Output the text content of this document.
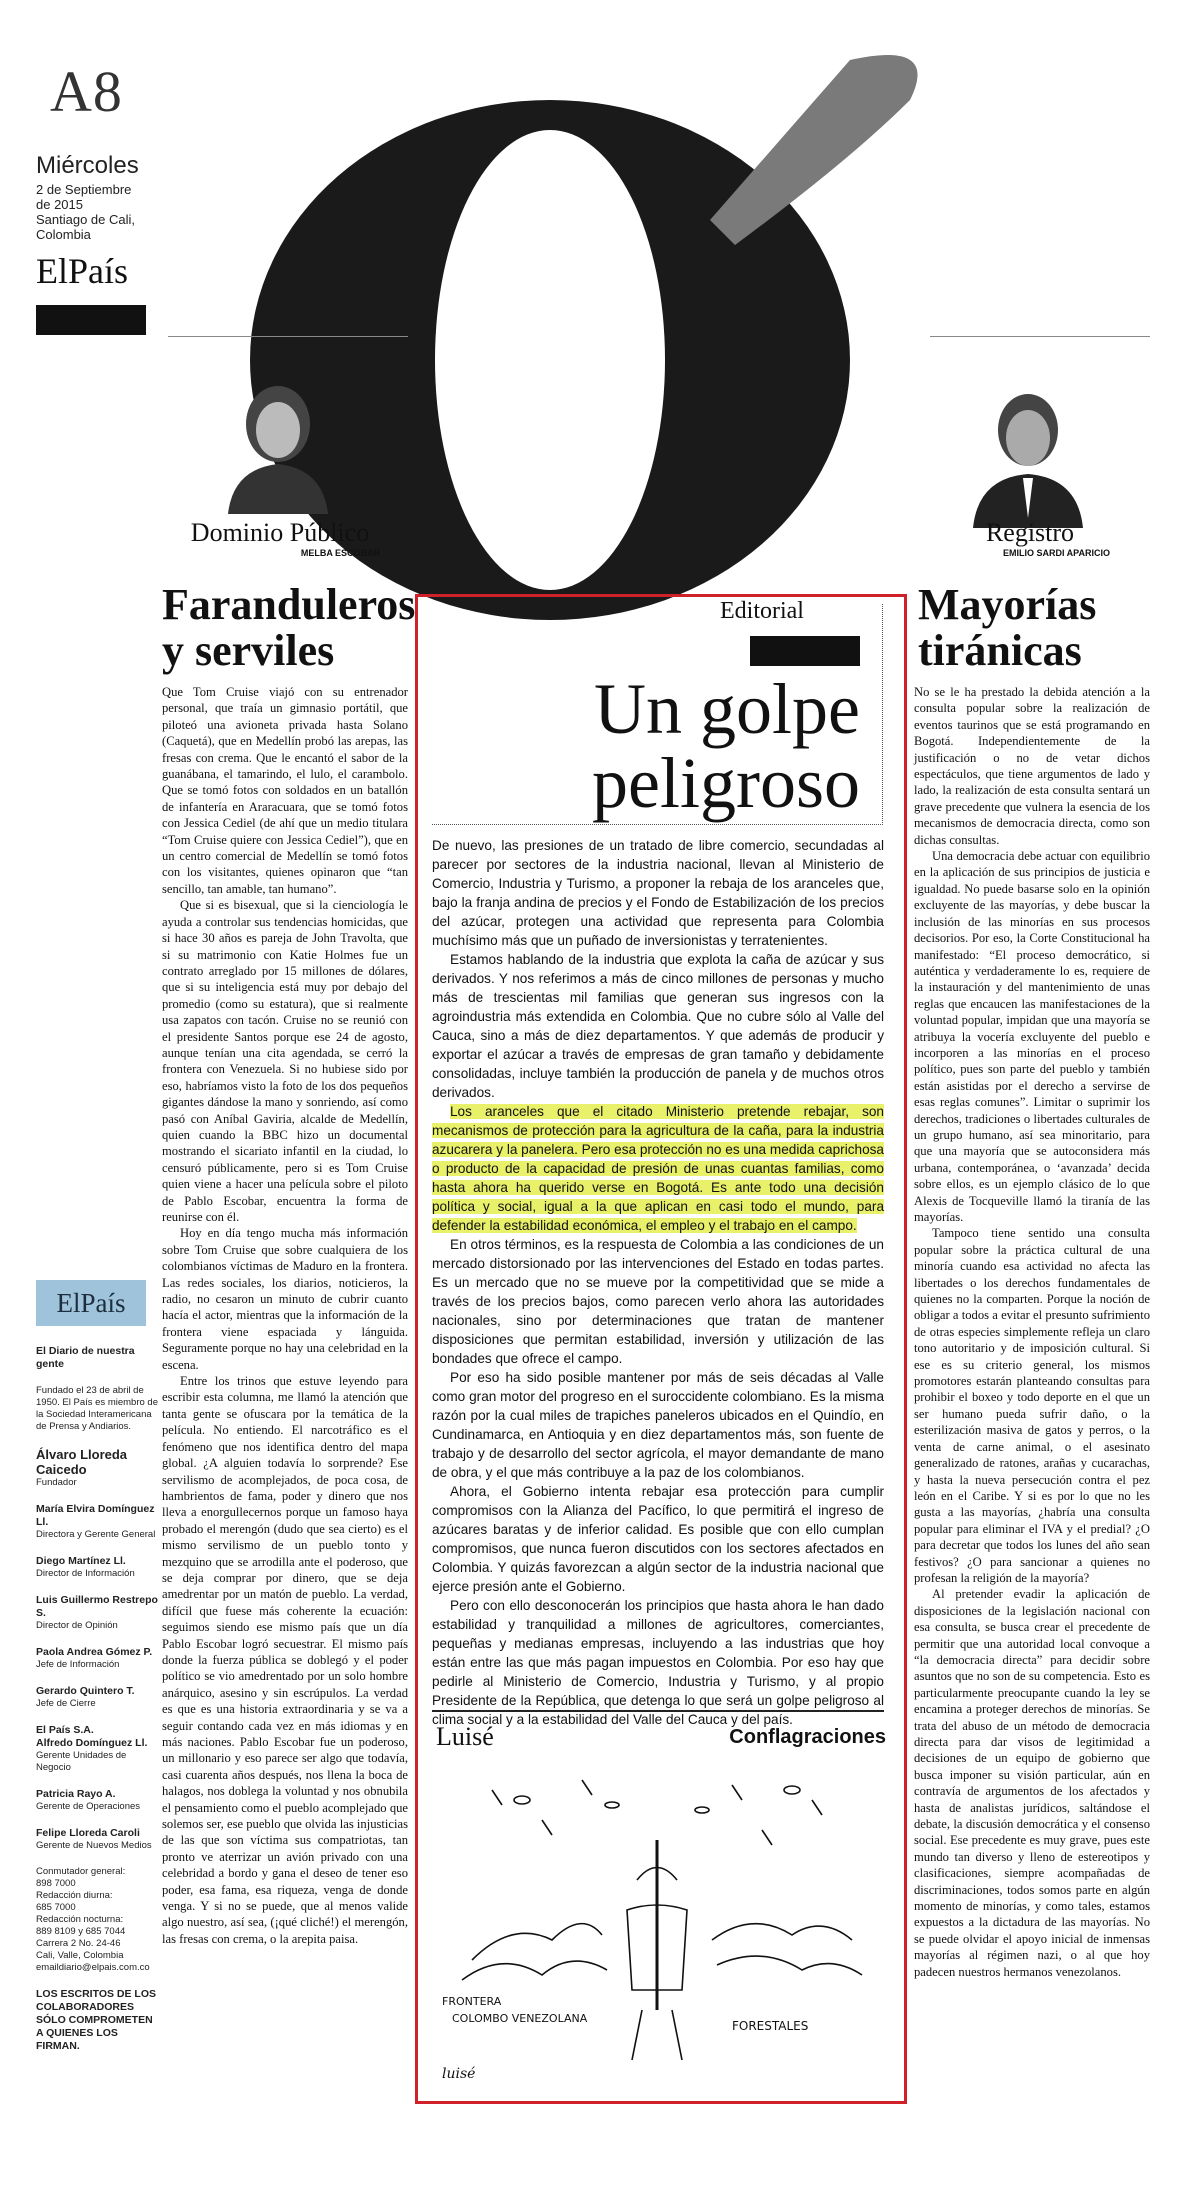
A8
Miércoles
2 de Septiembre
de 2015
Santiago de Cali,
Colombia
ElPaís
Dominio Público
MELBA ESCOBAR
Registro
EMILIO SARDI APARICIO
Faranduleros
y serviles

Que Tom Cruise viajó con su entrenador personal, que traía un gimnasio portátil, que piloteó una avioneta privada hasta Solano (Caquetá), que en Medellín probó las arepas, las fresas con crema. Que le encantó el sabor de la guanábana, el tamarindo, el lulo, el carambolo. Que se tomó fotos con soldados en un batallón de infantería en Araracuara, que se tomó fotos con Jessica Cediel (de ahí que un medio titulara “Tom Cruise quiere con Jessica Cediel”), que en un centro comercial de Medellín se tomó fotos con los visitantes, quienes opinaron que “tan sencillo, tan amable, tan humano”.

Que si es bisexual, que si la cienciología le ayuda a controlar sus tendencias homicidas, que si hace 30 años es pareja de John Travolta, que si su matrimonio con Katie Holmes fue un contrato arreglado por 15 millones de dólares, que si su inteligencia está muy por debajo del promedio (como su estatura), que si realmente usa zapatos con tacón. Cruise no se reunió con el presidente Santos porque ese 24 de agosto, aunque tenían una cita agendada, se cerró la frontera con Venezuela. Si no hubiese sido por eso, habríamos visto la foto de los dos pequeños gigantes dándose la mano y sonriendo, así como pasó con Aníbal Gaviria, alcalde de Medellín, quien cuando la BBC hizo un documental mostrando el sicariato infantil en la ciudad, lo censuró públicamente, pero si es Tom Cruise quien viene a hacer una película sobre el piloto de Pablo Escobar, encuentra la forma de reunirse con él.

Hoy en día tengo mucha más información sobre Tom Cruise que sobre cualquiera de los colombianos víctimas de Maduro en la frontera. Las redes sociales, los diarios, noticieros, la radio, no cesaron un minuto de cubrir cuanto hacía el actor, mientras que la información de la frontera viene espaciada y lánguida. Seguramente porque no hay una celebridad en la escena.

Entre los trinos que estuve leyendo para escribir esta columna, me llamó la atención que tanta gente se ofuscara por la temática de la película. No entiendo. El narcotráfico es el fenómeno que nos identifica dentro del mapa global. ¿A alguien todavía lo sorprende? Ese servilismo de acomplejados, de poca cosa, de hambrientos de fama, poder y dinero que nos lleva a enorgullecernos porque un famoso haya probado el merengón (dudo que sea cierto) es el mismo servilismo de un pueblo tonto y mezquino que se arrodilla ante el poderoso, que se deja comprar por dinero, que se deja amedrentar por un matón de pueblo. La verdad, difícil que fuese más coherente la ecuación: seguimos siendo ese mismo país que un día Pablo Escobar logró secuestrar. El mismo país donde la fuerza pública se doblegó y el poder político se vio amedrentado por un solo hombre anárquico, asesino y sin escrúpulos. La verdad es que es una historia extraordinaria y se va a seguir contando cada vez en más idiomas y en más naciones. Pablo Escobar fue un poderoso, un millonario y eso parece ser algo que todavía, casi cuarenta años después, nos llena la boca de halagos, nos doblega la voluntad y nos obnubila el pensamiento como el pueblo acomplejado que solemos ser, ese pueblo que olvida las injusticias de las que son víctima sus compatriotas, tan pronto ve aterrizar un avión privado con una celebridad a bordo y gana el deseo de tener eso poder, esa fama, esa riqueza, venga de donde venga. Y si no se puede, que al menos valide algo nuestro, así sea, (¡qué cliché!) el merengón, las fresas con crema, o la arepita paisa.

Editorial
Un golpe
peligroso

De nuevo, las presiones de un tratado de libre comercio, secundadas al parecer por sectores de la industria nacional, llevan al Ministerio de Comercio, Industria y Turismo, a proponer la rebaja de los aranceles que, bajo la franja andina de precios y el Fondo de Estabilización de los precios del azúcar, protegen una actividad que representa para Colombia muchísimo más que un puñado de inversionistas y terratenientes.

Estamos hablando de la industria que explota la caña de azúcar y sus derivados. Y nos referimos a más de cinco millones de personas y mucho más de trescientas mil familias que generan sus ingresos con la agroindustria más extendida en Colombia. Que no cubre sólo al Valle del Cauca, sino a más de diez departamentos. Y que además de producir y exportar el azúcar a través de empresas de gran tamaño y debidamente consolidadas, incluye también la producción de panela y de muchos otros derivados.

Los aranceles que el citado Ministerio pretende rebajar, son mecanismos de protección para la agricultura de la caña, para la industria azucarera y la panelera. Pero esa protección no es una medida caprichosa o producto de la capacidad de presión de unas cuantas familias, como hasta ahora ha querido verse en Bogotá. Es ante todo una decisión política y social, igual a la que aplican en casi todo el mundo, para defender la estabilidad económica, el empleo y el trabajo en el campo.

En otros términos, es la respuesta de Colombia a las condiciones de un mercado distorsionado por las intervenciones del Estado en todas partes. Es un mercado que no se mueve por la competitividad que se mide a través de los precios bajos, como parecen verlo ahora las autoridades nacionales, sino por determinaciones que tratan de mantener disposiciones que permitan estabilidad, inversión y utilización de las bondades que ofrece el campo.

Por eso ha sido posible mantener por más de seis décadas al Valle como gran motor del progreso en el suroccidente colombiano. Es la misma razón por la cual miles de trapiches paneleros ubicados en el Quindío, en Cundinamarca, en Antioquia y en diez departamentos más, son fuente de trabajo y de desarrollo del sector agrícola, el mayor demandante de mano de obra, y el que más contribuye a la paz de los colombianos.

Ahora, el Gobierno intenta rebajar esa protección para cumplir compromisos con la Alianza del Pacífico, lo que permitirá el ingreso de azúcares baratas y de inferior calidad. Es posible que con ello cumplan compromisos, que nunca fueron discutidos con los sectores afectados en Colombia. Y quizás favorezcan a algún sector de la industria nacional que ejerce presión ante el Gobierno.

Pero con ello desconocerán los principios que hasta ahora le han dado estabilidad y tranquilidad a millones de agricultores, comerciantes, pequeñas y medianas empresas, incluyendo a las industrias que hoy están entre las que más pagan impuestos en Colombia. Por eso hay que pedirle al Ministerio de Comercio, Industria y Turismo, y al propio Presidente de la República, que detenga lo que será un golpe peligroso al clima social y a la estabilidad del Valle del Cauca y del país.

Luisé	Conflagraciones
FRONTERA
COLOMBO VENEZOLANA
FORESTALES
luisé
Mayorías
tiránicas

No se le ha prestado la debida atención a la consulta popular sobre la realización de eventos taurinos que se está programando en Bogotá. Independientemente de la justificación o no de vetar dichos espectáculos, que tiene argumentos de lado y lado, la realización de esta consulta sentará un grave precedente que vulnera la esencia de los mecanismos de democracia directa, como son dichas consultas.

Una democracia debe actuar con equilibrio en la aplicación de sus principios de justicia e igualdad. No puede basarse solo en la opinión excluyente de las mayorías, y debe buscar la inclusión de las minorías en sus procesos decisorios. Por eso, la Corte Constitucional ha manifestado: “El proceso democrático, si auténtica y verdaderamente lo es, requiere de la instauración y del mantenimiento de unas reglas que encaucen las manifestaciones de la voluntad popular, impidan que una mayoría se atribuya la vocería excluyente del pueblo e incorporen a las minorías en el proceso político, pues son parte del pueblo y también están asistidas por el derecho a servirse de esas reglas comunes”. Limitar o suprimir los derechos, tradiciones o libertades culturales de un grupo humano, así sea minoritario, para que una mayoría que se autoconsidera más urbana, contemporánea, o ‘avanzada’ decida sobre ellos, es un ejemplo clásico de lo que Alexis de Tocqueville llamó la tiranía de las mayorías.

Tampoco tiene sentido una consulta popular sobre la práctica cultural de una minoría cuando esa actividad no afecta las libertades o los derechos fundamentales de quienes no la comparten. Porque la noción de obligar a todos a evitar el presunto sufrimiento de otras especies simplemente refleja un claro tono autoritario y de imposición cultural. Si ese es su criterio general, los mismos promotores estarán planteando consultas para prohibir el boxeo y todo deporte en el que un ser humano pueda sufrir daño, o la esterilización masiva de gatos y perros, o la venta de carne animal, o el asesinato generalizado de ratones, arañas y cucarachas, y hasta la nueva persecución contra el pez león en el Caribe. Y si es por lo que no les gusta a las mayorías, ¿habría una consulta popular para eliminar el IVA y el predial? ¿O para decretar que todos los lunes del año sean festivos? ¿O para sancionar a quienes no profesan la religión de la mayoría?

Al pretender evadir la aplicación de disposiciones de la legislación nacional con esa consulta, se busca crear el precedente de permitir que una autoridad local convoque a “la democracia directa” para decidir sobre asuntos que no son de su competencia. Esto es particularmente preocupante cuando la ley se encamina a proteger derechos de minorías. Se trata del abuso de un método de democracia directa para dar visos de legitimidad a decisiones de un equipo de gobierno que busca imponer su visión particular, aún en contravía de argumentos de los afectados y hasta de analistas jurídicos, saltándose el debate, la discusión democrática y el consenso social. Ese precedente es muy grave, pues este mundo tan diverso y lleno de estereotipos y clasificaciones, siempre acompañadas de discriminaciones, todos somos parte en algún momento de minorías, y como tales, estamos expuestos a la dictadura de las mayorías. No se puede olvidar el apoyo inicial de inmensas mayorías al régimen nazi, o al que hoy padecen nuestros hermanos venezolanos.

ElPaís
El Diario de nuestra gente
Fundado el 23 de abril de 1950. El País es miembro de la Sociedad Interamericana de Prensa y Andiarios.
Álvaro Lloreda Caicedo
Fundador
María Elvira Domínguez Ll.
Directora y Gerente General
Diego Martínez Ll.
Director de Información
Luis Guillermo Restrepo S.
Director de Opinión
Paola Andrea Gómez P.
Jefe de Información
Gerardo Quintero T.
Jefe de Cierre
El País S.A.
Alfredo Domínguez Ll.
Gerente Unidades de Negocio
Patricia Rayo A.
Gerente de Operaciones
Felipe Lloreda Caroli
Gerente de Nuevos Medios
Conmutador general:
898 7000
Redacción diurna:
685 7000
Redacción nocturna:
889 8109 y 685 7044
Carrera 2 No. 24-46
Cali, Valle, Colombia
emaildiario@elpais.com.co
LOS ESCRITOS DE LOS COLABORADORES SÓLO COMPROMETEN A QUIENES LOS FIRMAN.
